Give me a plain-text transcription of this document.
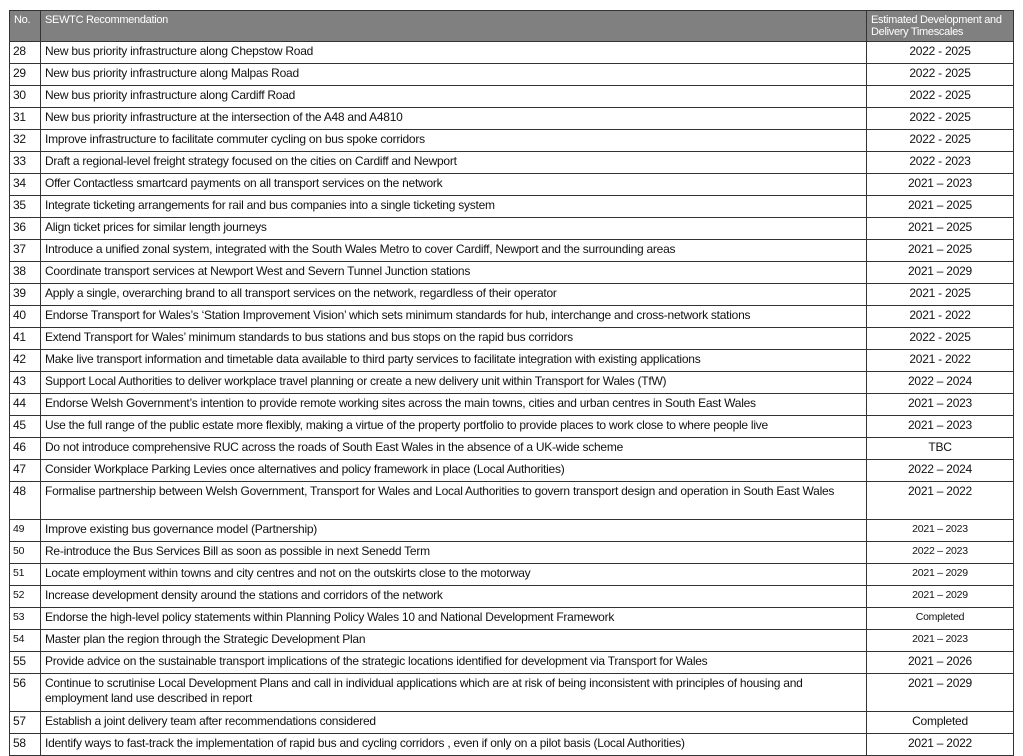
No.	SEWTC Recommendation	Estimated Development and Delivery Timescales
28	New bus priority infrastructure along Chepstow Road	2022 - 2025
29	New bus priority infrastructure along Malpas Road	2022 - 2025
30	New bus priority infrastructure along Cardiff Road	2022 - 2025
31	New bus priority infrastructure at the intersection of the A48 and A4810	2022 - 2025
32	Improve infrastructure to facilitate commuter cycling on bus spoke corridors	2022 - 2025
33	Draft a regional-level freight strategy focused on the cities on Cardiff and Newport	2022 - 2023
34	Offer Contactless smartcard payments on all transport services on the network	2021 – 2023
35	Integrate ticketing arrangements for rail and bus companies into a single ticketing system	2021 – 2025
36	Align ticket prices for similar length journeys	2021 – 2025
37	Introduce a unified zonal system, integrated with the South Wales Metro to cover Cardiff, Newport and the surrounding areas	2021 – 2025
38	Coordinate transport services at Newport West and Severn Tunnel Junction stations	2021 – 2029
39	Apply a single, overarching brand to all transport services on the network, regardless of their operator	2021 - 2025
40	Endorse Transport for Wales’s ‘Station Improvement Vision’ which sets minimum standards for hub, interchange and cross-network stations	2021 - 2022
41	Extend Transport for Wales’ minimum standards to bus stations and bus stops on the rapid bus corridors	2022 - 2025
42	Make live transport information and timetable data available to third party services to facilitate integration with existing applications	2021 - 2022
43	Support Local Authorities to deliver workplace travel planning or create a new delivery unit within Transport for Wales (TfW)	2022 – 2024
44	Endorse Welsh Government’s intention to provide remote working sites across the main towns, cities and urban centres in South East Wales	2021 – 2023
45	Use the full range of the public estate more flexibly, making a virtue of the property portfolio to provide places to work close to where people live	2021 – 2023
46	Do not introduce comprehensive RUC across the roads of South East Wales in the absence of a UK-wide scheme	TBC
47	Consider Workplace Parking Levies once alternatives and policy framework in place (Local Authorities)	2022 – 2024
48	Formalise partnership between Welsh Government, Transport for Wales and Local Authorities to govern transport design and operation in South East Wales	2021 – 2022
49	Improve existing bus governance model (Partnership)	2021 – 2023
50	Re-introduce the Bus Services Bill as soon as possible in next Senedd Term	2022 – 2023
51	Locate employment within towns and city centres and not on the outskirts close to the motorway	2021 – 2029
52	Increase development density around the stations and corridors of the network	2021 – 2029
53	Endorse the high-level policy statements within Planning Policy Wales 10 and National Development Framework	Completed
54	Master plan the region through the Strategic Development Plan	2021 – 2023
55	Provide advice on the sustainable transport implications of the strategic locations identified for development via Transport for Wales	2021 – 2026
56	Continue to scrutinise Local Development Plans and call in individual applications which are at risk of being inconsistent with principles of housing and employment land use described in report	2021 – 2029
57	Establish a joint delivery team after recommendations considered	Completed
58	Identify ways to fast-track the implementation of rapid bus and cycling corridors , even if only on a pilot basis (Local Authorities)	2021 – 2022
